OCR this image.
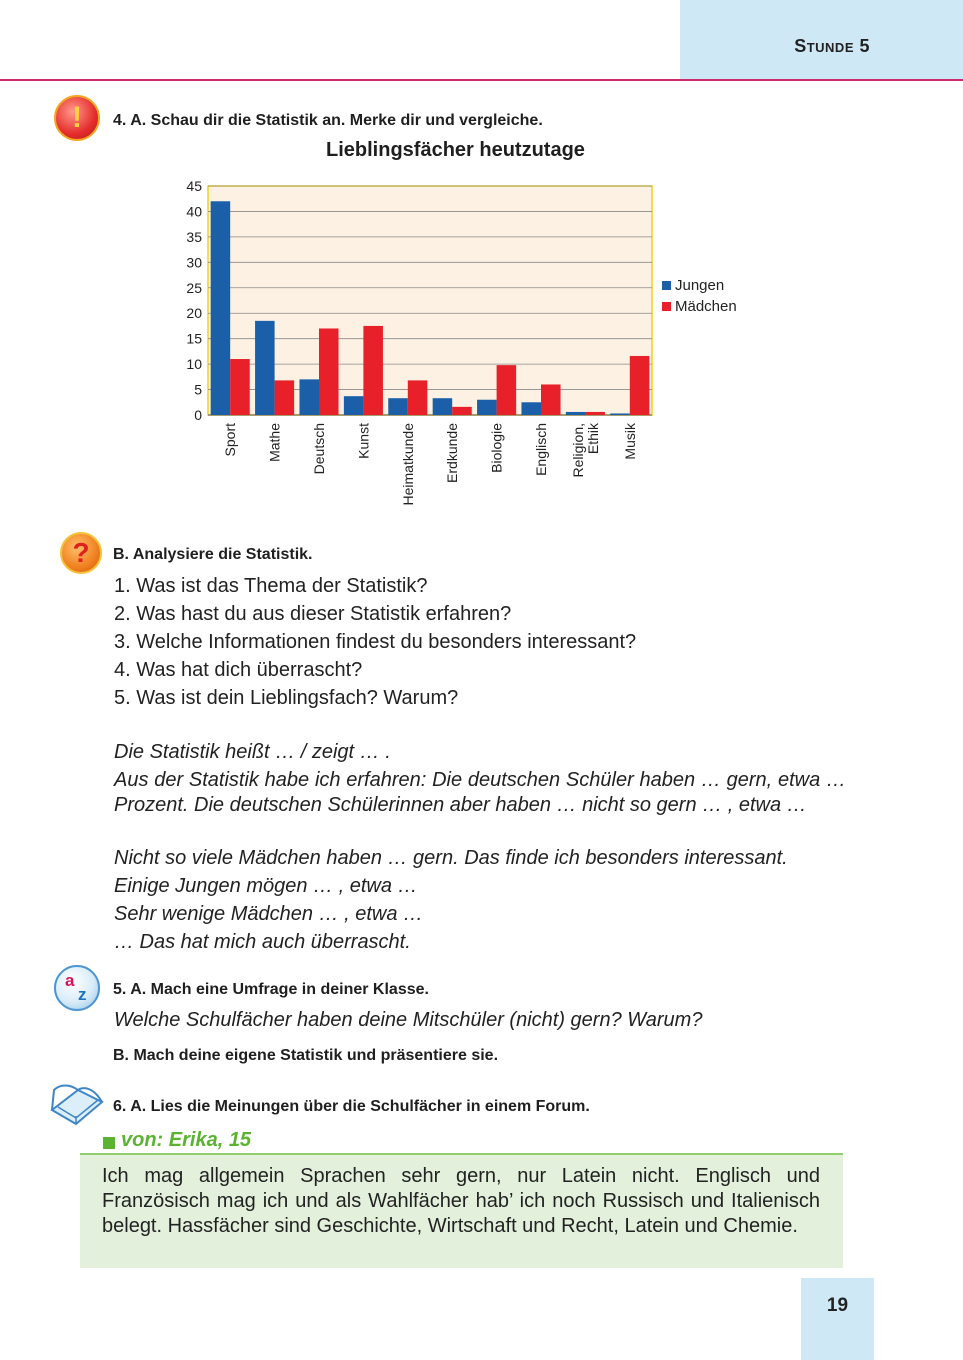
Stunde 5
!	4. A. Schau dir die Statistik an. Merke dir und vergleiche.
Lieblingsfächer heutzutage
0
5
10
15
20
25
30
35
40
45
Sport Mathe Deutsch Kunst Heimatkunde Erdkunde Biologie Englisch Religion, Ethik Musik
Jungen
Mädchen
?	B. Analysiere die Statistik.
1. Was ist das Thema der Statistik?
2. Was hast du aus dieser Statistik erfahren?
3. Welche Informationen findest du besonders interessant?
4. Was hat dich überrascht?
5. Was ist dein Lieblingsfach? Warum?
Die Statistik heißt … / zeigt … .
Aus der Statistik habe ich erfahren: Die deutschen Schüler haben … gern, etwa … Prozent. Die deutschen Schülerinnen aber haben … nicht so gern … , etwa …
Nicht so viele Mädchen haben … gern. Das finde ich besonders interessant.
Einige Jungen mögen … , etwa …
Sehr wenige Mädchen … , etwa …
… Das hat mich auch überrascht.
a
z 5. A. Mach eine Umfrage in deiner Klasse.
Welche Schulfächer haben deine Mitschüler (nicht) gern? Warum?
B. Mach deine eigene Statistik und präsentiere sie.
6. A. Lies die Meinungen über die Schulfächer in einem Forum.
von: Erika, 15
Ich mag allgemein Sprachen sehr gern, nur Latein nicht. Englisch und Französisch mag ich und als Wahlfächer hab’ ich noch Russisch und Italienisch belegt. Hassfächer sind Geschichte, Wirtschaft und Recht, Latein und Chemie.
19
